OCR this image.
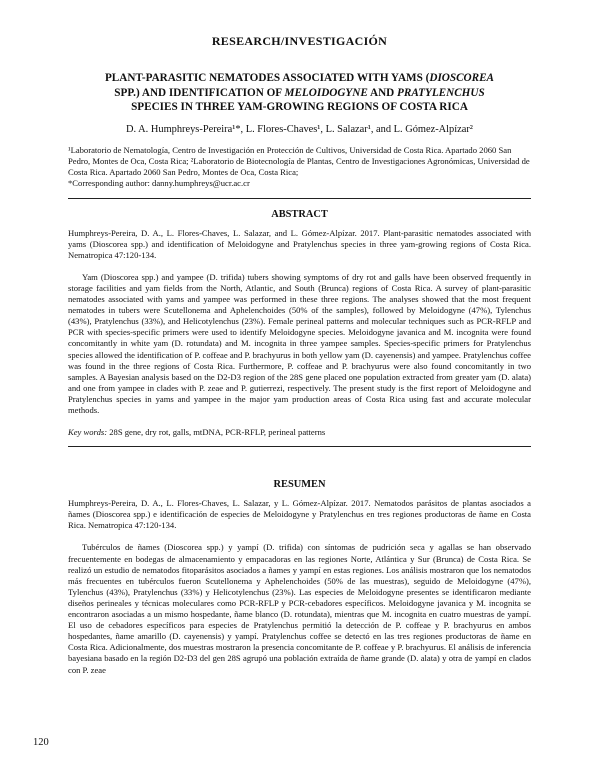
RESEARCH/INVESTIGACIÓN
PLANT-PARASITIC NEMATODES ASSOCIATED WITH YAMS (DIOSCOREA
SPP.) AND IDENTIFICATION OF MELOIDOGYNE AND PRATYLENCHUS
SPECIES IN THREE YAM-GROWING REGIONS OF COSTA RICA
D. A. Humphreys-Pereira¹*, L. Flores-Chaves¹, L. Salazar¹, and L. Gómez-Alpízar²

¹Laboratorio de Nematología, Centro de Investigación en Protección de Cultivos, Universidad de Costa Rica. Apartado 2060 San Pedro, Montes de Oca, Costa Rica; ²Laboratorio de Biotecnología de Plantas, Centro de Investigaciones Agronómicas, Universidad de Costa Rica. Apartado 2060 San Pedro, Montes de Oca, Costa Rica;

*Corresponding author: danny.humphreys@ucr.ac.cr

ABSTRACT

Humphreys-Pereira, D. A., L. Flores-Chaves, L. Salazar, and L. Gómez-Alpízar. 2017. Plant-parasitic nematodes associated with yams (Dioscorea spp.) and identification of Meloidogyne and Pratylenchus species in three yam-growing regions of Costa Rica. Nematropica 47:120-134.

Yam (Dioscorea spp.) and yampee (D. trifida) tubers showing symptoms of dry rot and galls have been observed frequently in storage facilities and yam fields from the North, Atlantic, and South (Brunca) regions of Costa Rica. A survey of plant-parasitic nematodes associated with yams and yampee was performed in these three regions. The analyses showed that the most frequent nematodes in tubers were Scutellonema and Aphelenchoides (50% of the samples), followed by Meloidogyne (47%), Tylenchus (43%), Pratylenchus (33%), and Helicotylenchus (23%). Female perineal patterns and molecular techniques such as PCR-RFLP and PCR with species-specific primers were used to identify Meloidogyne species. Meloidogyne javanica and M. incognita were found concomitantly in white yam (D. rotundata) and M. incognita in three yampee samples. Species-specific primers for Pratylenchus species allowed the identification of P. coffeae and P. brachyurus in both yellow yam (D. cayenensis) and yampee. Pratylenchus coffee was found in the three regions of Costa Rica. Furthermore, P. coffeae and P. brachyurus were also found concomitantly in two samples. A Bayesian analysis based on the D2-D3 region of the 28S gene placed one population extracted from greater yam (D. alata) and one from yampee in clades with P. zeae and P. gutierrezi, respectively. The present study is the first report of Meloidogyne and Pratylenchus species in yams and yampee in the major yam production areas of Costa Rica using fast and accurate molecular methods.

Key words: 28S gene, dry rot, galls, mtDNA, PCR-RFLP, perineal patterns

RESUMEN

Humphreys-Pereira, D. A., L. Flores-Chaves, L. Salazar, y L. Gómez-Alpízar. 2017. Nematodos parásitos de plantas asociados a ñames (Dioscorea spp.) e identificación de especies de Meloidogyne y Pratylenchus en tres regiones productoras de ñame en Costa Rica. Nematropica 47:120-134.

Tubérculos de ñames (Dioscorea spp.) y yampí (D. trifida) con síntomas de pudrición seca y agallas se han observado frecuentemente en bodegas de almacenamiento y empacadoras en las regiones Norte, Atlántica y Sur (Brunca) de Costa Rica. Se realizó un estudio de nematodos fitoparásitos asociados a ñames y yampí en estas regiones. Los análisis mostraron que los nematodos más frecuentes en tubérculos fueron Scutellonema y Aphelenchoides (50% de las muestras), seguido de Meloidogyne (47%), Tylenchus (43%), Pratylenchus (33%) y Helicotylenchus (23%). Las especies de Meloidogyne presentes se identificaron mediante diseños perineales y técnicas moleculares como PCR-RFLP y PCR-cebadores específicos. Meloidogyne javanica y M. incognita se encontraron asociadas a un mismo hospedante, ñame blanco (D. rotundata), mientras que M. incognita en cuatro muestras de yampí. El uso de cebadores específicos para especies de Pratylenchus permitió la detección de P. coffeae y P. brachyurus en ambos hospedantes, ñame amarillo (D. cayenensis) y yampí. Pratylenchus coffee se detectó en las tres regiones productoras de ñame en Costa Rica. Adicionalmente, dos muestras mostraron la presencia concomitante de P. coffeae y P. brachyurus. El análisis de inferencia bayesiana basado en la región D2-D3 del gen 28S agrupó una población extraída de ñame grande (D. alata) y otra de yampí en clados con P. zeae

120
